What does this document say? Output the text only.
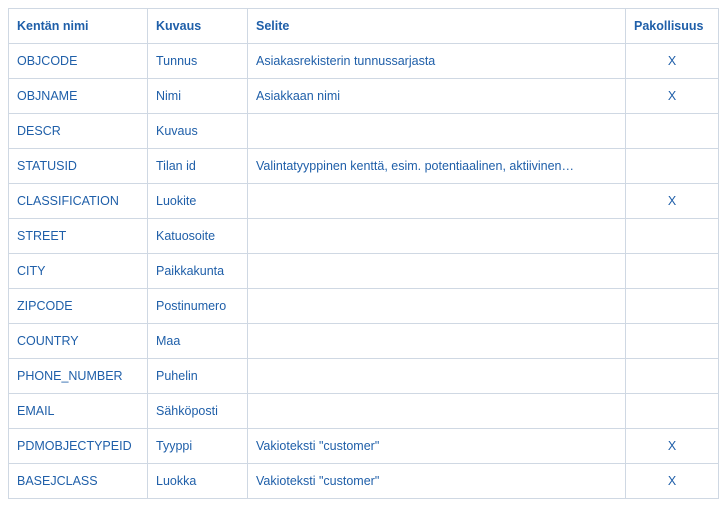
Kentän nimi	Kuvaus	Selite	Pakollisuus
OBJCODE	Tunnus	Asiakasrekisterin tunnussarjasta	X
OBJNAME	Nimi	Asiakkaan nimi	X
DESCR	Kuvaus		
STATUSID	Tilan id	Valintatyyppinen kenttä, esim. potentiaalinen, aktiivinen…	
CLASSIFICATION	Luokite		X
STREET	Katuosoite		
CITY	Paikkakunta		
ZIPCODE	Postinumero		
COUNTRY	Maa		
PHONE_NUMBER	Puhelin		
EMAIL	Sähköposti		
PDMOBJECTYPEID	Tyyppi	Vakioteksti "customer"	X
BASEJCLASS	Luokka	Vakioteksti "customer"	X
